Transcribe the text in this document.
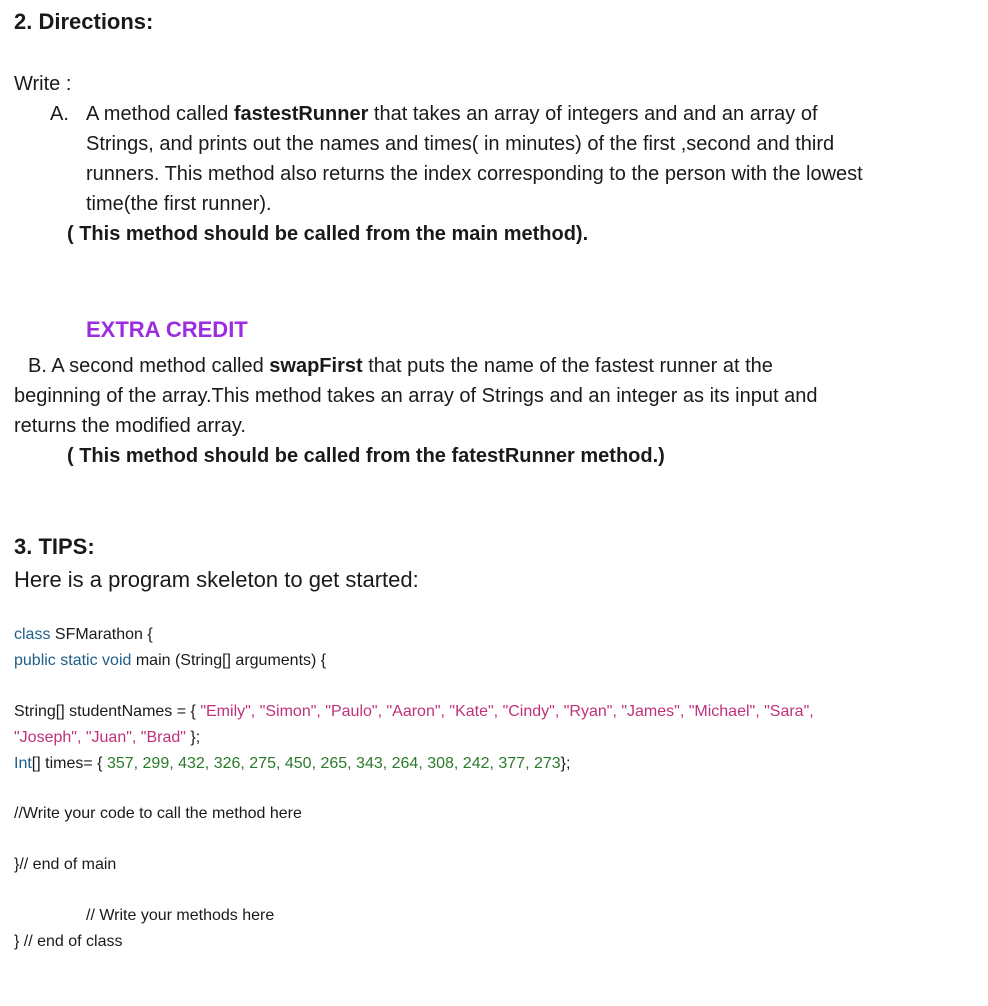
2. Directions:
Write :
A. A method called fastestRunner that takes an array of integers and and an array of
Strings, and prints out the names and times( in minutes) of the first ,second and third
runners. This method also returns the index corresponding to the person with the lowest
time(the first runner).
( This method should be called from the main method).
EXTRA CREDIT
B. A second method called swapFirst that puts the name of the fastest runner at the
beginning of the array.This method takes an array of Strings and an integer as its input and
returns the modified array.
( This method should be called from the fatestRunner method.)
3. TIPS:
Here is a program skeleton to get started:
class SFMarathon {
public static void main (String[] arguments) {
String[] studentNames = { "Emily", "Simon", "Paulo", "Aaron", "Kate", "Cindy", "Ryan", "James", "Michael", "Sara",
"Joseph", "Juan", "Brad" };
Int[] times= { 357, 299, 432, 326, 275, 450, 265, 343, 264, 308, 242, 377, 273};
//Write your code to call the method here
}// end of main
// Write your methods here
} // end of class
